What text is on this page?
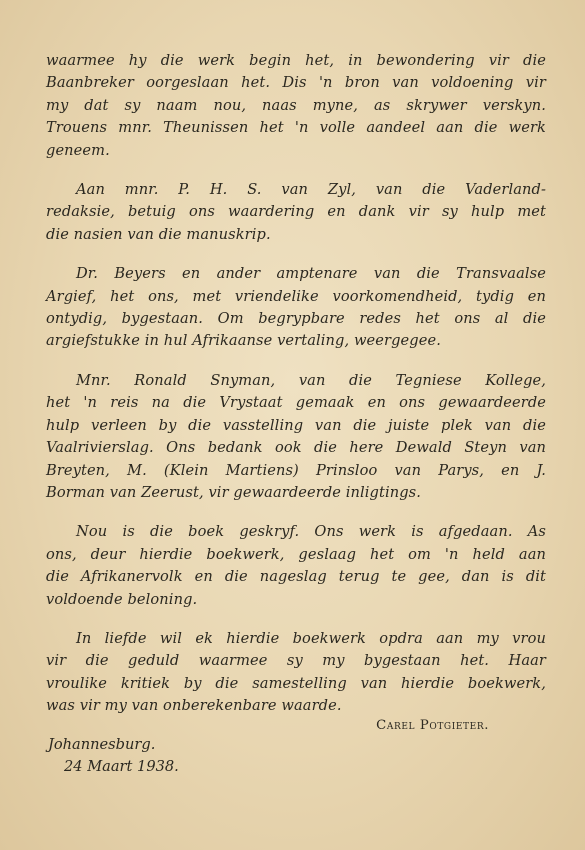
waarmee hy die werk begin het, in bewondering vir die
Baanbreker oorgeslaan het. Dis 'n bron van voldoening vir
my dat sy naam nou, naas myne, as skrywer verskyn.
Trouens mnr. Theunissen het 'n volle aandeel aan die werk
geneem.

Aan mnr. P. H. S. van Zyl, van die Vaderland-
redaksie, betuig ons waardering en dank vir sy hulp met
die nasien van die manuskrip.

Dr. Beyers en ander amptenare van die Transvaalse
Argief, het ons, met vriendelike voorkomendheid, tydig en
ontydig, bygestaan. Om begrypbare redes het ons al die
argiefstukke in hul Afrikaanse vertaling, weergegee.

Mnr. Ronald Snyman, van die Tegniese Kollege,
het 'n reis na die Vrystaat gemaak en ons gewaardeerde
hulp verleen by die vasstelling van die juiste plek van die
Vaalrivierslag. Ons bedank ook die here Dewald Steyn van
Breyten, M. (Klein Martiens) Prinsloo van Parys, en J.
Borman van Zeerust, vir gewaardeerde inligtings.

Nou is die boek geskryf. Ons werk is afgedaan. As
ons, deur hierdie boekwerk, geslaag het om 'n held aan
die Afrikanervolk en die nageslag terug te gee, dan is dit
voldoende beloning.

In liefde wil ek hierdie boekwerk opdra aan my vrou
vir die geduld waarmee sy my bygestaan het. Haar
vroulike kritiek by die samestelling van hierdie boekwerk,
was vir my van onberekenbare waarde.

Carel Potgieter.
Johannesburg.
24 Maart 1938.
